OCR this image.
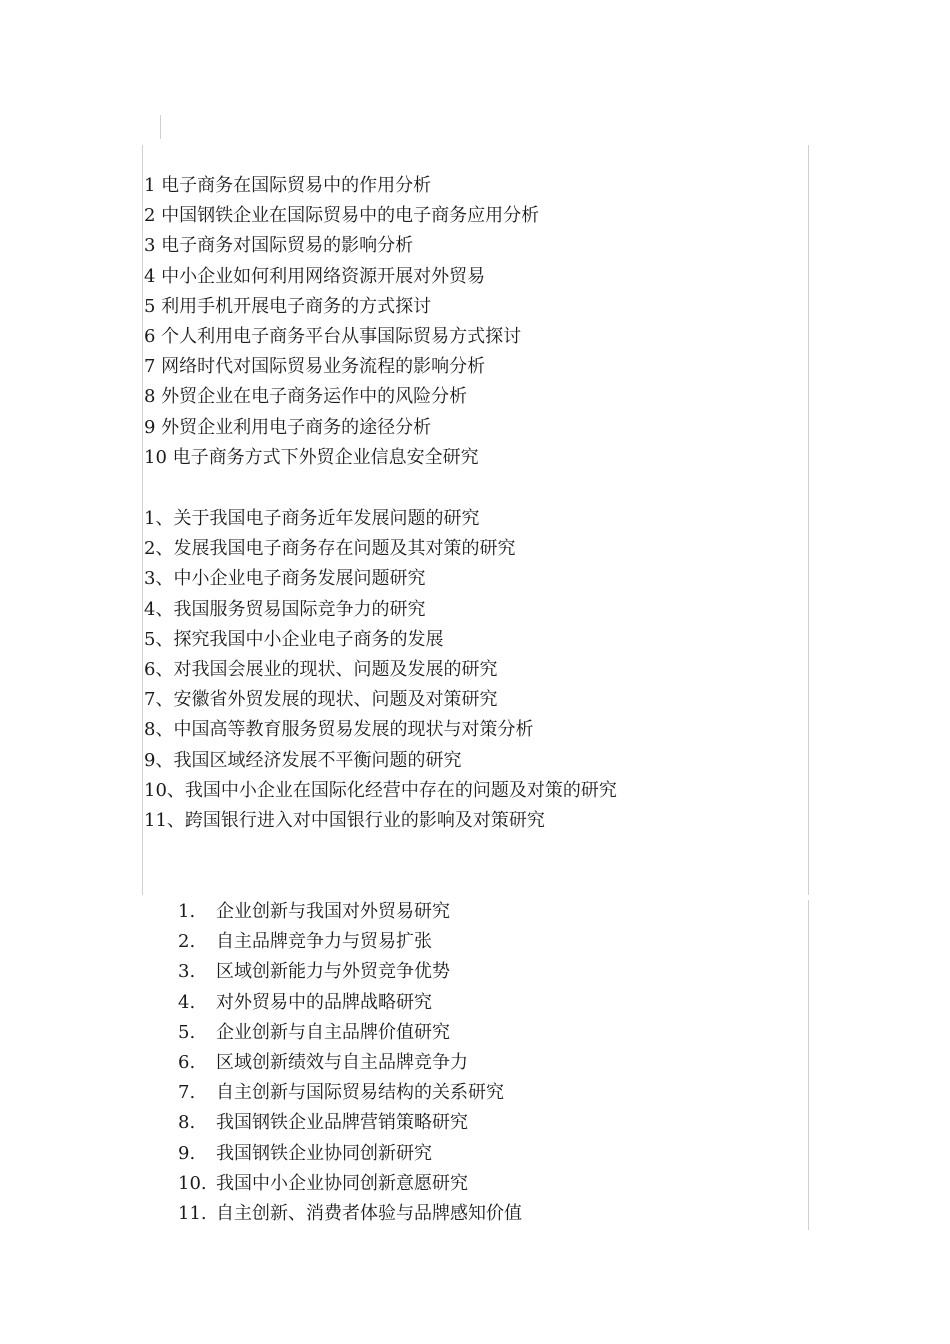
1 电子商务在国际贸易中的作用分析
2 中国钢铁企业在国际贸易中的电子商务应用分析
3 电子商务对国际贸易的影响分析
4 中小企业如何利用网络资源开展对外贸易
5 利用手机开展电子商务的方式探讨
6 个人利用电子商务平台从事国际贸易方式探讨
7 网络时代对国际贸易业务流程的影响分析
8 外贸企业在电子商务运作中的风险分析
9 外贸企业利用电子商务的途径分析
10 电子商务方式下外贸企业信息安全研究
1、关于我国电子商务近年发展问题的研究
2、发展我国电子商务存在问题及其对策的研究
3、中小企业电子商务发展问题研究
4、我国服务贸易国际竞争力的研究
5、探究我国中小企业电子商务的发展
6、对我国会展业的现状、问题及发展的研究
7、安徽省外贸发展的现状、问题及对策研究
8、中国高等教育服务贸易发展的现状与对策分析
9、我国区域经济发展不平衡问题的研究
10、我国中小企业在国际化经营中存在的问题及对策的研究
11、跨国银行进入对中国银行业的影响及对策研究
1. 企业创新与我国对外贸易研究
2. 自主品牌竞争力与贸易扩张
3. 区域创新能力与外贸竞争优势
4. 对外贸易中的品牌战略研究
5. 企业创新与自主品牌价值研究
6. 区域创新绩效与自主品牌竞争力
7. 自主创新与国际贸易结构的关系研究
8. 我国钢铁企业品牌营销策略研究
9. 我国钢铁企业协同创新研究
10. 我国中小企业协同创新意愿研究
11. 自主创新、消费者体验与品牌感知价值
